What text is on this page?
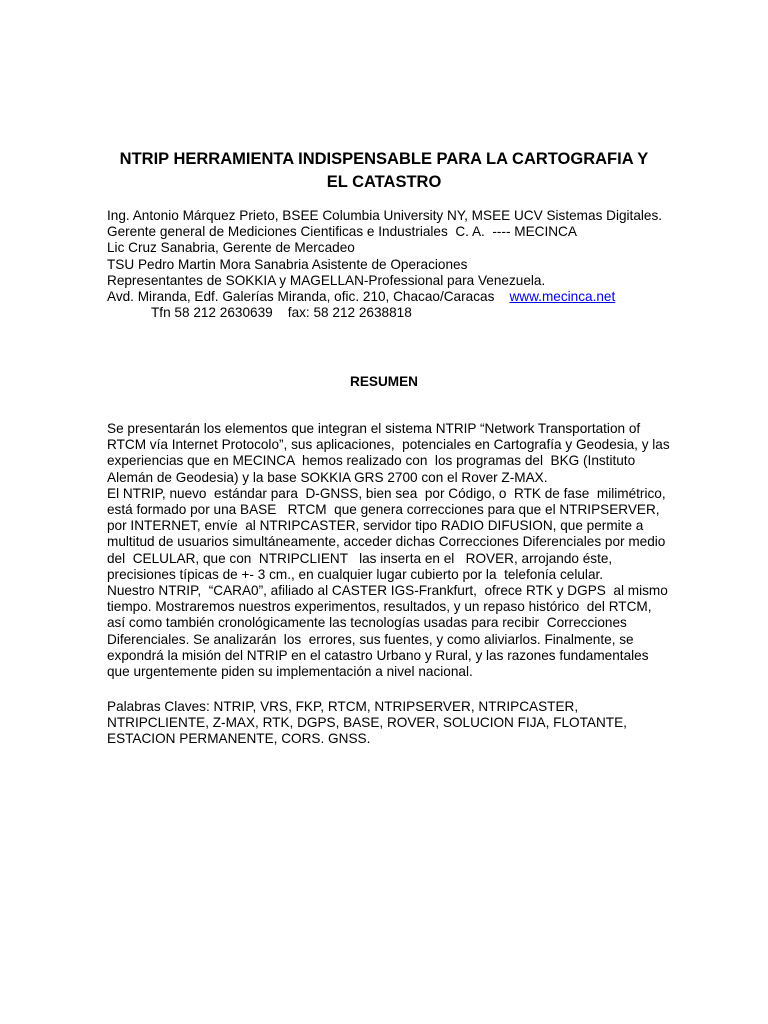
NTRIP HERRAMIENTA INDISPENSABLE PARA LA CARTOGRAFIA Y
EL CATASTRO
Ing. Antonio Márquez Prieto, BSEE Columbia University NY, MSEE UCV Sistemas Digitales.
Gerente general de Mediciones Cientificas e Industriales  C. A.  ---- MECINCA
Lic Cruz Sanabria, Gerente de Mercadeo
TSU Pedro Martin Mora Sanabria Asistente de Operaciones
Representantes de SOKKIA y MAGELLAN-Professional para Venezuela.
Avd. Miranda, Edf. Galerías Miranda, ofic. 210, Chacao/Caracas    www.mecinca.net
Tfn 58 212 2630639    fax: 58 212 2638818
RESUMEN
Se presentarán los elementos que integran el sistema NTRIP “Network Transportation of
RTCM vía Internet Protocolo”, sus aplicaciones,  potenciales en Cartografía y Geodesia, y las
experiencias que en MECINCA  hemos realizado con  los programas del  BKG (Instituto
Alemán de Geodesia) y la base SOKKIA GRS 2700 con el Rover Z-MAX.
El NTRIP, nuevo  estándar para  D-GNSS, bien sea  por Código, o  RTK de fase  milimétrico,
está formado por una BASE   RTCM  que genera correcciones para que el NTRIPSERVER,
por INTERNET, envíe  al NTRIPCASTER, servidor tipo RADIO DIFUSION, que permite a
multitud de usuarios simultáneamente, acceder dichas Correcciones Diferenciales por medio
del  CELULAR, que con  NTRIPCLIENT   las inserta en el   ROVER, arrojando éste,
precisiones típicas de +- 3 cm., en cualquier lugar cubierto por la  telefonía celular.
Nuestro NTRIP,  “CARA0”, afiliado al CASTER IGS-Frankfurt,  ofrece RTK y DGPS  al mismo
tiempo. Mostraremos nuestros experimentos, resultados, y un repaso histórico  del RTCM,
así como también cronológicamente las tecnologías usadas para recibir  Correcciones
Diferenciales. Se analizarán  los  errores, sus fuentes, y como aliviarlos. Finalmente, se
expondrá la misión del NTRIP en el catastro Urbano y Rural, y las razones fundamentales
que urgentemente piden su implementación a nivel nacional.
Palabras Claves: NTRIP, VRS, FKP, RTCM, NTRIPSERVER, NTRIPCASTER,
NTRIPCLIENTE, Z-MAX, RTK, DGPS, BASE, ROVER, SOLUCION FIJA, FLOTANTE,
ESTACION PERMANENTE, CORS. GNSS.
